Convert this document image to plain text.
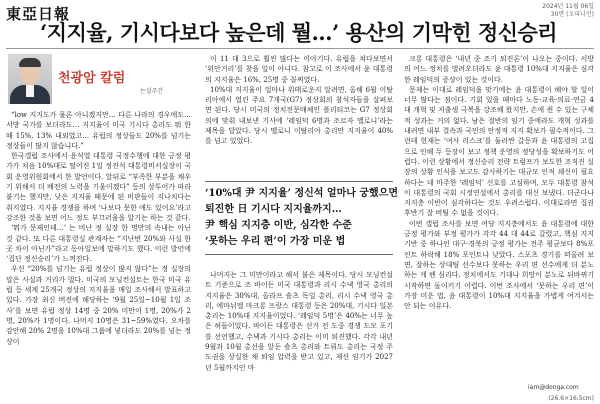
東亞日報	2024년 11월 06일
30면 (오피니언)
‘지지율, 기시다보다 높은데 뭘…’ 용산의 기막힌 정신승리
천광암 칼럼
논설주간

“low 지지도가 물론 아니겠지만… 다른 나라의 경우에도… 서방 국가를 보더라도… 지지율이 미국 기시다 총리도 뭐 한때 15%, 13% 내외였고… 유럽의 정상들도 20%를 넘기는 정상들이 많지 않습니다.”

한국갤럽 조사에서 윤석열 대통령 국정수행에 대한 긍정 평가가 처음 10%대로 떨어진 1일 정진석 대통령비서실장이 국회 운영위원회에서 한 발언이다. 앞뒤로 “부족한 부분을 채우기 위해서 더 배전의 노력을 기울이겠다” 등의 상투어가 따라붙기는 했지만, 낮은 지지율 때문에 된 비판들이 지나치다는 취지였다. 지지율 경쟁을 하며 ‘나보다 못한 애도 있어요’라고 강조한 것을 보면 어느 정도 부끄러움을 알기는 하는 것 같다.

‘뭐가 문제인데…’ 는 비난 정 실장 한 명만의 속내는 아닌 것 같다. 또 다른 대통령실 관계자는 “지난번 20%와 사실 한 곳 차이 아닌가”라고 동아일보에 말하기도 했다. 이런 발언에 ‘집단 정신승리’가 느껴진다.

우선 “20%를 넘기는 유럽 정상이 많지 않다”는 정 실장의 말은 사실과 거리가 멀다. 미국의 모닝컨설트는 한국 미국 유럽 등 세계 25개국 정상의 지지율을 매일 조사해서 발표하고 있다. 가장 최신 버전에 해당하는 ‘9월 25일~10월 1일 조사’를 보면 유럽 정상 14명 중 20% 미만이 1명, 20%가 2명, 20%가 1명이다. 나머지 10명은 31~59%였다. 오차를 감안해 20% 2명을 10%대 그룹에 넣더라도 20%를 넘는 정상이

이 11 대 3으로 훨씬 많다는 이야기다. 유럽을 쳐다보면서 ‘위안거리’를 찾을 일이 아니다. 참고로 이 조사에서 윤 대통령의 지지율은 16%, 25명 중 꼴찌였다.

10%대 지지율이 얼마나 위태로운지 알려면, 올해 6월 이탈리아에서 열린 주요 7개국(G7) 정상회의 참석자들을 살펴보면 된다. 당시 미국의 정치전문매체인 폴리티코는 G7 정상회의에 맞춰 내보낸 기사에 ‘레임덕 6명과 조르자 멜로니’라는 제목을 달았다. 당시 멜로니 이탈리아 총리만 지지율이 40%를 넘고 있었다.

‘10%대 尹 지지율’ 정신석 얼마나 궁했으면
퇴진한 日 기시다 지지율까지…
尹 핵심 지지층 이반, 심각한 수준
‘못하는 우리 편’이 가장 미운 법

나머지는 그 미만이라고 해서 붙은 제목이다. 당시 모닝컨설트 기준으로 조 바이든 미국 대통령과 리시 수낵 영국 총리의 지지율은 30%대, 올라프 숄츠 독일 총리, 리시 수낵 영국 총리, 에마뉘엘 마크롱 프랑스 대통령 등은 20%대, 기시다 일본 총리는 10%대 지지율이었다. ‘레임덕 5명’은 40%는 너무 높은 허들이었다. 바이든 대통령은 선거 전 도중 경쟁 도모 포기를 선언했고, 수낵과 기시다 총리는 이미 퇴진했다. 각각 내년 9월과 10월 총선을 앞둔 숄츠 총리와 트뤼도 총리는 국정 주도권을 상실한 채 퇴임 압력을 받고 있고, 재선 임기가 2027년 5월까지인 마

크롱 대통령은 ‘내년 중 조기 퇴진론’이 나오는 중이다. 서방의 어느 정치를 벌려오더라도 윤 대통령 10%대 지지율은 심각한 레임덕의 증상이 있는 것이다.

문제는 이대로 레임덕을 맞기에는 윤 대통령이 해야 할 일이 너무 많다는 점이다. 기회 있을 때마다 노동·교육·의료·연금 4대 개혁 및 저출생 극복을 강조해 왔지만, 손에 쥔 수 있는 구체적 성과는 거의 없다. 남은 절반의 임기 중에라도 개혁 성과를 내려면 내부 결속과 국민의 안정적 지지 확보가 필수적이다. 그런데 현재는 ‘여사 리스크’를 둘러싼 갈등과 윤 대통령의 고집으로 인해 두 등장이 보고 정책 운영의 정당성을 확보하기도 어렵다. 이런 상황에서 정신승리 전략 트럼프가 보도한 조직진 실장의 상황 인식을 보고도 감사하기는 대규모 인적 쇄신이 필요하다는 데 마주한 ‘레임덕’ 신호를 고심하며, 모두 대통령 참석이 대통령의 국회 시정연설에서 총리를 대신 보냈다. 더군다나 지지층 이반이 심각하다는 것도 우려스럽다. 이대로라면 집권 후반기 잘 버틸 수 없을 것이다.

이번 갤럽 조사를 보면 여당 지지층에서도 윤 대통령에 대한 긍정 평가와 부정 평가가 각각 44 대 44로 갈렸고, 핵심 지지기반 중 하나인 대구·경북의 긍정 평가는 전주 평균보다 8%포인트 하락해 18% 포인트나 낮았다. 스포츠 경기를 떠올려 보면, 잘하는 상대팀 선수보다 못하는 우리 편 선수에게 더 분노하는 게 팬 심리다. 정치에서도 기대나 희망이 분노로 뒤바뀌기 시작하면 돌이키기 어렵다. 이번 조사에서 ‘못하는 우리 편’이 가장 미운 법, 윤 대통령이 10%대 지지율을 가볍게 여겨서는 안 되는 이유다.

iam@donga.com
(26.6×16.5cm)
